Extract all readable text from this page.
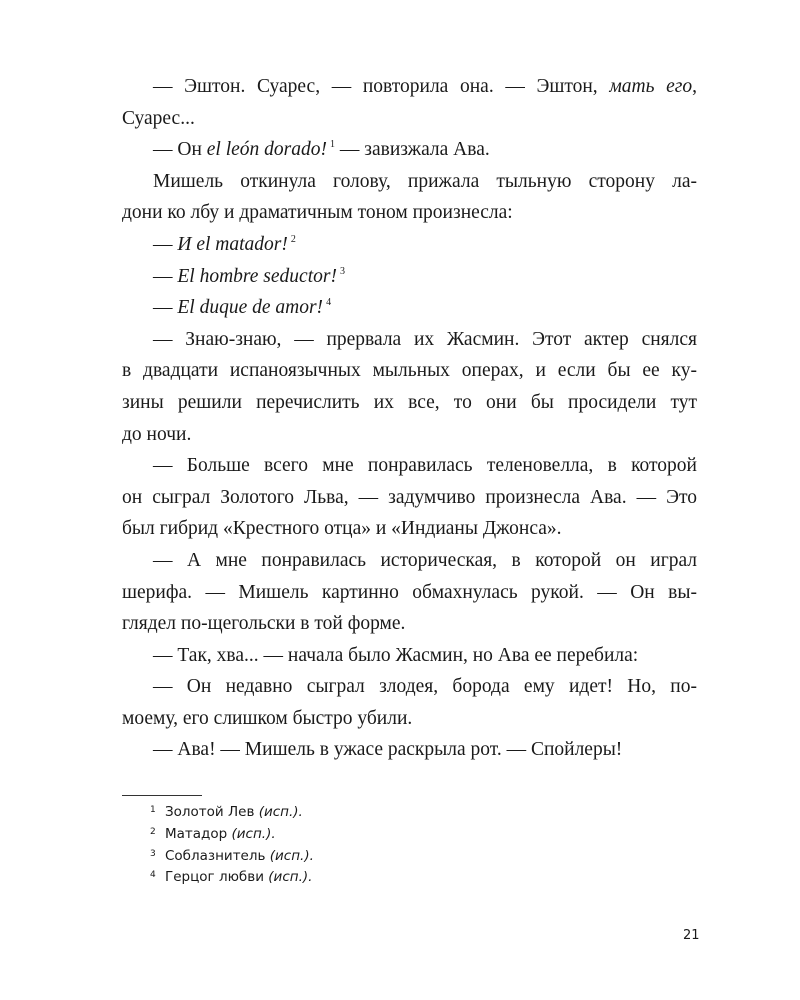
— Эштон. Суарес, — повторила она. — Эштон, мать его,
Суарес...
— Он el león dorado! $^1$ — завизжала Ава.
Мишель откинула голову, прижала тыльную сторону ла-
дони ко лбу и драматичным тоном произнесла:
— И el matador! $^2$
— El hombre seductor! $^3$
— El duque de amor! $^4$
— Знаю-знаю, — прервала их Жасмин. Этот актер снялся
в двадцати испаноязычных мыльных операх, и если бы ее ку-
зины решили перечислить их все, то они бы просидели тут
до ночи.
— Больше всего мне понравилась теленовелла, в которой
он сыграл Золотого Льва, — задумчиво произнесла Ава. — Это
был гибрид «Крестного отца» и «Индианы Джонса».
— А мне понравилась историческая, в которой он играл
шерифа. — Мишель картинно обмахнулась рукой. — Он вы-
глядел по-щегольски в той форме.
— Так, хва... — начала было Жасмин, но Ава ее перебила:
— Он недавно сыграл злодея, борода ему идет! Но, по-
моему, его слишком быстро убили.
— Ава! — Мишель в ужасе раскрыла рот. — Спойлеры!
1 Золотой Лев (исп.).
2 Матадор (исп.).
3 Соблазнитель (исп.).
4 Герцог любви (исп.).
21
